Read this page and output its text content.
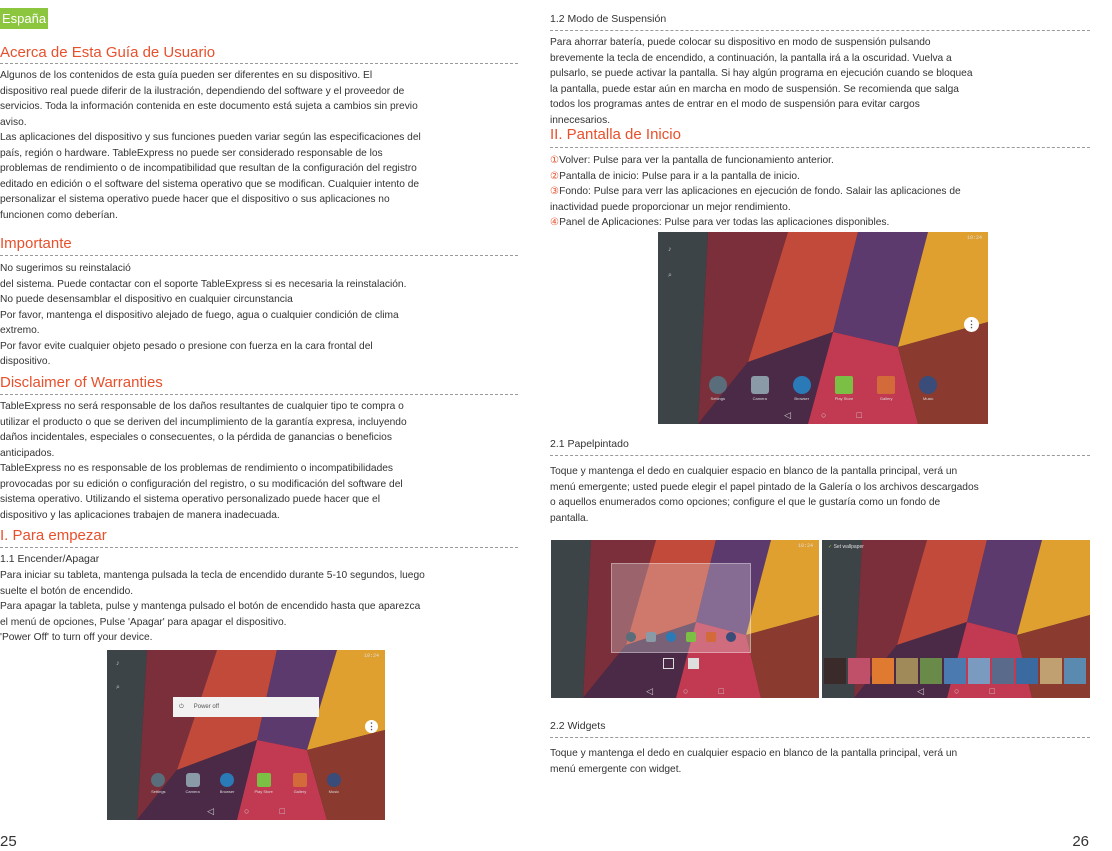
España
Acerca de Esta Guía de Usuario

Algunos de los contenidos de esta guía pueden ser diferentes en su dispositivo. El

dispositivo real puede diferir de la ilustración, dependiendo del software y el proveedor de

servicios. Toda la información contenida en este documento está sujeta a cambios sin previo

aviso.

Las aplicaciones del dispositivo y sus funciones pueden variar según las especificaciones del

país, región o hardware. TableExpress no puede ser considerado responsable de los

problemas de rendimiento o de incompatibilidad que resultan de la configuración del registro

editado en edición o el software del sistema operativo que se modifican. Cualquier intento de

personalizar el sistema operativo puede hacer que el dispositivo o sus aplicaciones no

funcionen como deberían.

Importante

No sugerimos su reinstalació

del sistema. Puede contactar con el soporte TableExpress si es necesaria la reinstalación.

No puede desensamblar el dispositivo en cualquier circunstancia

Por favor, mantenga el dispositivo alejado de fuego, agua o cualquier condición de clima

extremo.

Por favor evite cualquier objeto pesado o presione con fuerza en la cara frontal del

dispositivo.

Disclaimer of Warranties

TableExpress no será responsable de los daños resultantes de cualquier tipo te compra o

utilizar el producto o que se deriven del incumplimiento de la garantía expresa, incluyendo

daños incidentales, especiales o consecuentes, o la pérdida de ganancias o beneficios

anticipados.

TableExpress no es responsable de los problemas de rendimiento o incompatibilidades

provocadas por su edición o configuración del registro, o su modificación del software del

sistema operativo. Utilizando el sistema operativo personalizado puede hacer que el

dispositivo y las aplicaciones trabajen de manera inadecuada.

I. Para empezar
1.1 Encender/Apagar

Para iniciar su tableta, mantenga pulsada la tecla de encendido durante 5-10 segundos, luego

suelte el botón de encendido.

Para apagar la tableta, pulse y mantenga pulsado el botón de encendido hasta que aparezca

el menú de opciones, Pulse 'Apagar' para apagar el dispositivo.

'Power Off' to turn off your device.

10:24
♪
⌕
⏻ Power off
⋮
Settings	Camera	Browser	Play Store	Gallery	Music
◁	○	□
25
1.2 Modo de Suspensión

Para ahorrar batería, puede colocar su dispositivo en modo de suspensión pulsando

brevemente la tecla de encendido, a continuación, la pantalla irá a la oscuridad. Vuelva a

pulsarlo, se puede activar la pantalla. Si hay algún programa en ejecución cuando se bloquea

la pantalla, puede estar aún en marcha en modo de suspensión. Se recomienda que salga

todos los programas antes de entrar en el modo de suspensión para evitar cargos

innecesarios.

II. Pantalla de Inicio

①Volver: Pulse para ver la pantalla de funcionamiento anterior.

②Pantalla de inicio: Pulse para ir a la pantalla de inicio.

③Fondo: Pulse para verr las aplicaciones en ejecución de fondo. Salair las aplicaciones de

inactividad puede proporcionar un mejor rendimiento.

④Panel de Aplicaciones: Pulse para ver todas las aplicaciones disponibles.

10:24
♪
⌕
⋮
Settings	Camera	Browser	Play Store	Gallery	Music
◁	○	□
2.1 Papelpintado

Toque y mantenga el dedo en cualquier espacio en blanco de la pantalla principal, verá un

menú emergente; usted puede elegir el papel pintado de la Galería o los archivos descargados

o aquellos enumerados como opciones; configure el que le gustaría como un fondo de

pantalla.

10:24
◁	○	□
✓ Set wallpaper
◁	○	□
2.2 Widgets

Toque y mantenga el dedo en cualquier espacio en blanco de la pantalla principal, verá un

menú emergente con widget.

26
